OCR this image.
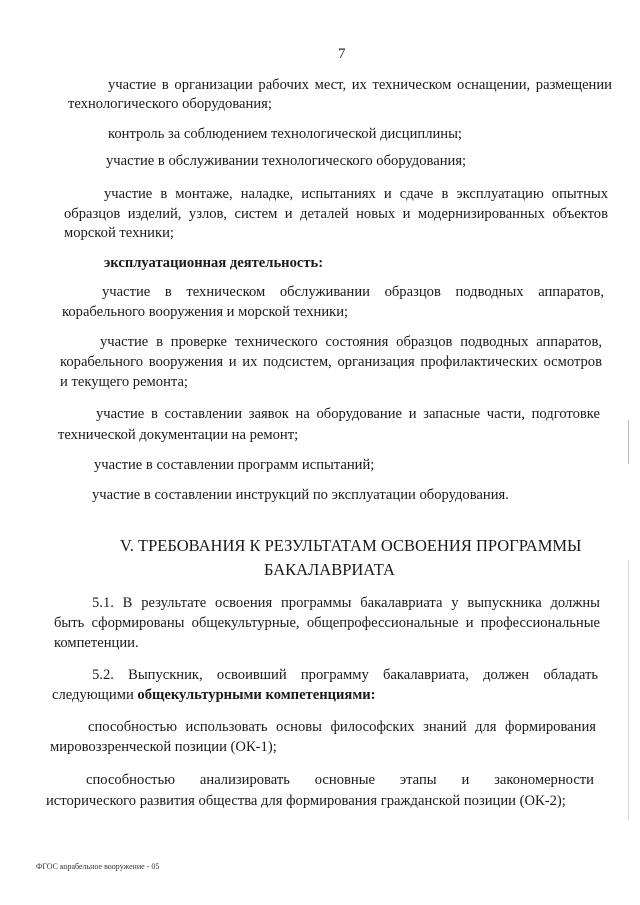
7
участие в организации рабочих мест, их техническом оснащении, размещении
технологического оборудования;
контроль за соблюдением технологической дисциплины;
участие в обслуживании технологического оборудования;
участие в монтаже, наладке, испытаниях и сдаче в эксплуатацию опытных
образцов изделий, узлов, систем и деталей новых и модернизированных объектов
морской техники;
эксплуатационная деятельность:
участие в техническом обслуживании образцов подводных аппаратов,
корабельного вооружения и морской техники;
участие в проверке технического состояния образцов подводных аппаратов,
корабельного вооружения и их подсистем, организация профилактических осмотров
и текущего ремонта;
участие в составлении заявок на оборудование и запасные части, подготовке
технической документации на ремонт;
участие в составлении программ испытаний;
участие в составлении инструкций по эксплуатации оборудования.
V. ТРЕБОВАНИЯ К РЕЗУЛЬТАТАМ ОСВОЕНИЯ ПРОГРАММЫ
БАКАЛАВРИАТА
5.1. В результате освоения программы бакалавриата у выпускника должны
быть сформированы общекультурные, общепрофессиональные и профессиональные
компетенции.
5.2. Выпускник, освоивший программу бакалавриата, должен обладать
следующими общекультурными компетенциями:
способностью использовать основы философских знаний для формирования
мировоззренческой позиции (ОК-1);
способностью анализировать основные этапы и закономерности
исторического развития общества для формирования гражданской позиции (ОК-2);
ФГОС корабельное вооружение - 05
